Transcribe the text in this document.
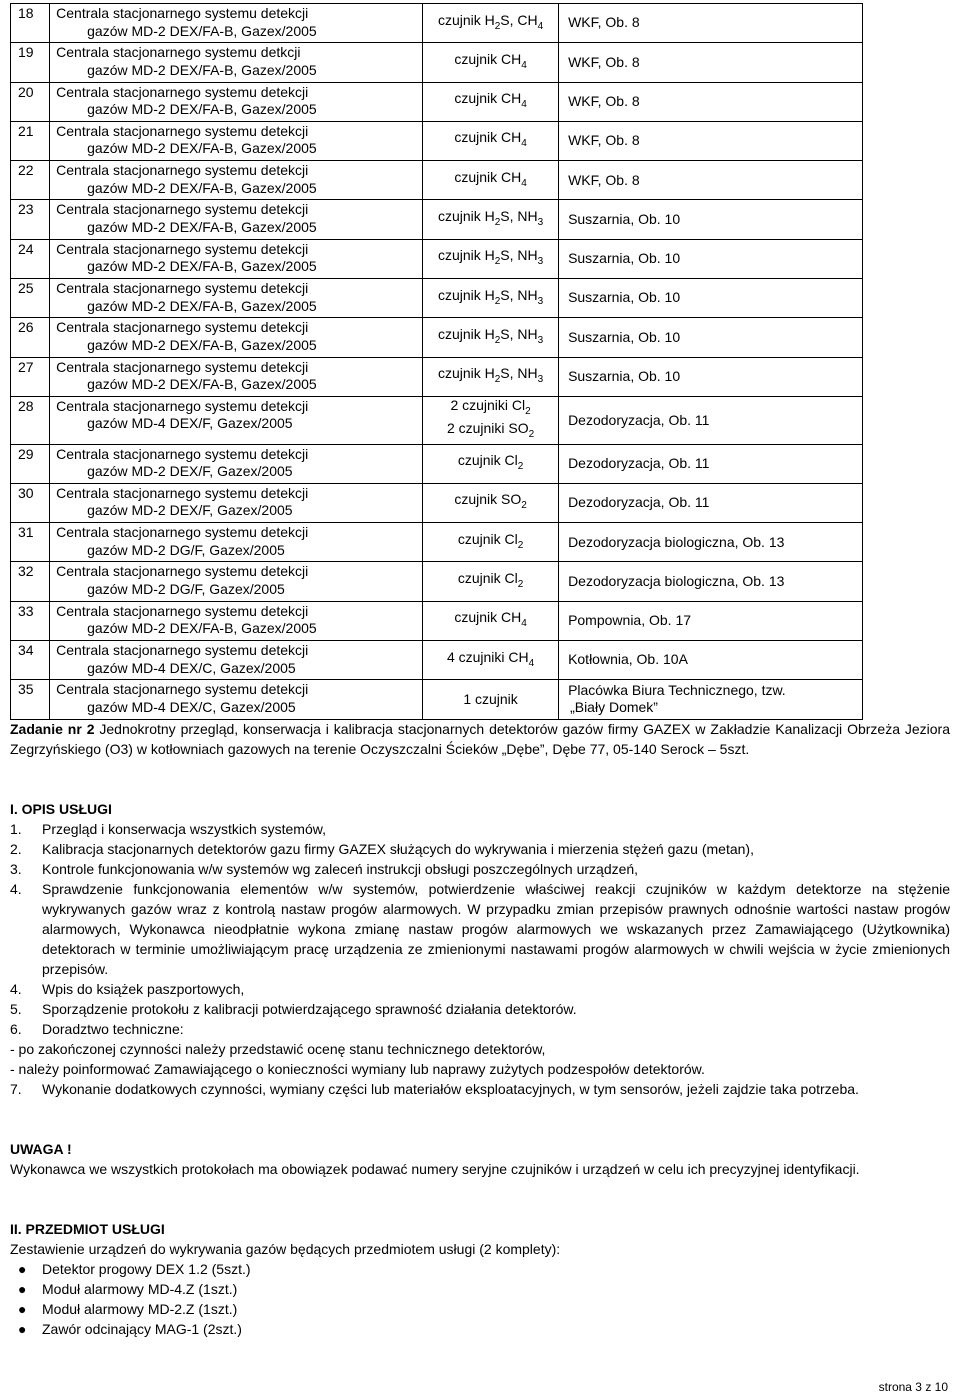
18	Centrala stacjonarnego systemu detekcji
gazów MD-2 DEX/FA-B, Gazex/2005	czujnik $H_2S$, $CH_4$	WKF, Ob. 8

19	Centrala stacjonarnego systemu detkcji
gazów MD-2 DEX/FA-B, Gazex/2005	czujnik $CH_4$	WKF, Ob. 8

20	Centrala stacjonarnego systemu detekcji
gazów MD-2 DEX/FA-B, Gazex/2005	czujnik $CH_4$	WKF, Ob. 8

21	Centrala stacjonarnego systemu detekcji
gazów MD-2 DEX/FA-B, Gazex/2005	czujnik $CH_4$	WKF, Ob. 8

22	Centrala stacjonarnego systemu detekcji
gazów MD-2 DEX/FA-B, Gazex/2005	czujnik $CH_4$	WKF, Ob. 8

23	Centrala stacjonarnego systemu detekcji
gazów MD-2 DEX/FA-B, Gazex/2005	czujnik $H_2S$, $NH_3$	Suszarnia, Ob. 10

24	Centrala stacjonarnego systemu detekcji
gazów MD-2 DEX/FA-B, Gazex/2005	czujnik $H_2S$, $NH_3$	Suszarnia, Ob. 10

25	Centrala stacjonarnego systemu detekcji
gazów MD-2 DEX/FA-B, Gazex/2005	czujnik $H_2S$, $NH_3$	Suszarnia, Ob. 10

26	Centrala stacjonarnego systemu detekcji
gazów MD-2 DEX/FA-B, Gazex/2005	czujnik $H_2S$, $NH_3$	Suszarnia, Ob. 10

27	Centrala stacjonarnego systemu detekcji
gazów MD-2 DEX/FA-B, Gazex/2005	czujnik $H_2S$, $NH_3$	Suszarnia, Ob. 10

28	Centrala stacjonarnego systemu detekcji
gazów MD-4 DEX/F, Gazex/2005	2 czujniki $Cl_2$
2 czujniki $SO_2$	Dezodoryzacja, Ob. 11

29	Centrala stacjonarnego systemu detekcji
gazów MD-2 DEX/F, Gazex/2005	czujnik $Cl_2$	Dezodoryzacja, Ob. 11

30	Centrala stacjonarnego systemu detekcji
gazów MD-2 DEX/F, Gazex/2005	czujnik $SO_2$	Dezodoryzacja, Ob. 11

31	Centrala stacjonarnego systemu detekcji
gazów MD-2 DG/F, Gazex/2005	czujnik $Cl_2$	Dezodoryzacja biologiczna, Ob. 13

32	Centrala stacjonarnego systemu detekcji
gazów MD-2 DG/F, Gazex/2005	czujnik $Cl_2$	Dezodoryzacja biologiczna, Ob. 13

33	Centrala stacjonarnego systemu detekcji
gazów MD-2 DEX/FA-B, Gazex/2005	czujnik $CH_4$	Pompownia, Ob. 17

34	Centrala stacjonarnego systemu detekcji
gazów MD-4 DEX/C, Gazex/2005	4 czujniki $CH_4$	Kotłownia, Ob. 10A

35	Centrala stacjonarnego systemu detekcji
gazów MD-4 DEX/C, Gazex/2005	1 czujnik	Placówka Biura Technicznego, tzw.
„Biały Domek”

Zadanie nr 2 Jednokrotny przegląd, konserwacja i kalibracja stacjonarnych detektorów gazów firmy GAZEX w Zakładzie Kanalizacji Obrzeża Jeziora Zegrzyńskiego (O3) w kotłowniach gazowych na terenie Oczyszczalni Ścieków „Dębe”, Dębe 77, 05-140 Serock – 5szt.

I. OPIS USŁUGI

1.	Przegląd i konserwacja wszystkich systemów,
2.	Kalibracja stacjonarnych detektorów gazu firmy GAZEX służących do wykrywania i mierzenia stężeń gazu (metan),
3.	Kontrole funkcjonowania w/w systemów wg zaleceń instrukcji obsługi poszczególnych urządzeń,
4.	Sprawdzenie funkcjonowania elementów w/w systemów, potwierdzenie właściwej reakcji czujników w każdym detektorze na stężenie wykrywanych gazów wraz z kontrolą nastaw progów alarmowych. W przypadku zmian przepisów prawnych odnośnie wartości nastaw progów alarmowych, Wykonawca nieodpłatnie wykona zmianę nastaw progów alarmowych we wskazanych przez Zamawiającego (Użytkownika) detektorach w terminie umożliwiającym pracę urządzenia ze zmienionymi nastawami progów alarmowych w chwili wejścia w życie zmienionych przepisów.
4.	Wpis do książek paszportowych,
5.	Sporządzenie protokołu z kalibracji potwierdzającego sprawność działania detektorów.
6.	Doradztwo techniczne:

- po zakończonej czynności należy przedstawić ocenę stanu technicznego detektorów,

- należy poinformować Zamawiającego o konieczności wymiany lub naprawy zużytych podzespołów detektorów.

7.	Wykonanie dodatkowych czynności, wymiany części lub materiałów eksploatacyjnych, w tym sensorów, jeżeli zajdzie taka potrzeba.

UWAGA !

Wykonawca we wszystkich protokołach ma obowiązek podawać numery seryjne czujników i urządzeń w celu ich precyzyjnej identyfikacji.

II. PRZEDMIOT USŁUGI

Zestawienie urządzeń do wykrywania gazów będących przedmiotem usługi (2 komplety):

●	Detektor progowy DEX 1.2 (5szt.)
●	Moduł alarmowy MD-4.Z (1szt.)
●	Moduł alarmowy MD-2.Z (1szt.)
●	Zawór odcinający MAG-1 (2szt.)
strona 3 z 10
